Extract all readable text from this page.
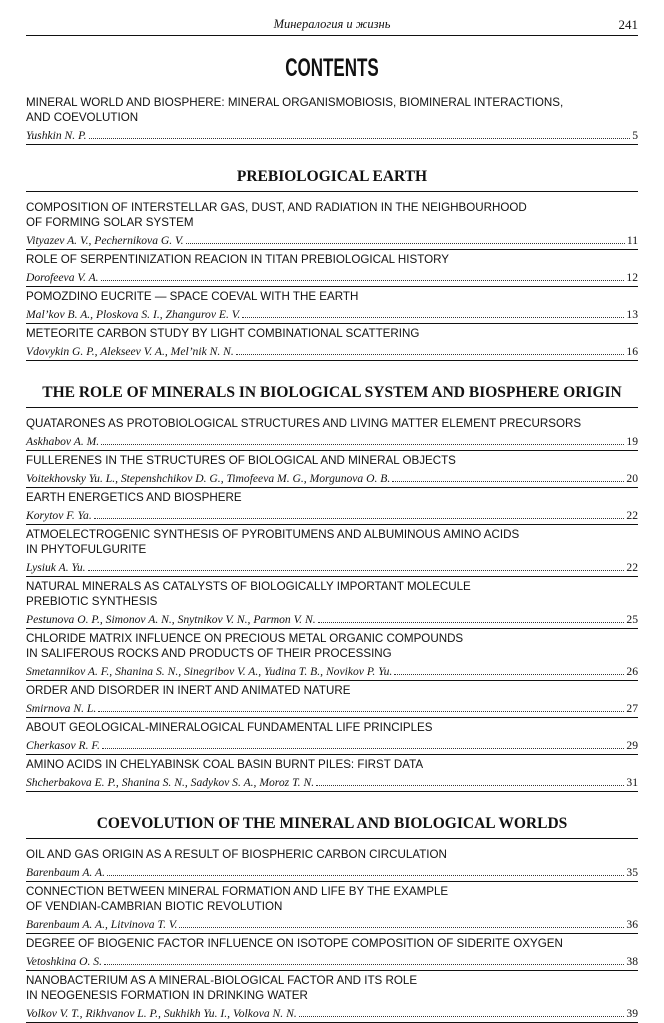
Минералогия и жизнь	241
CONTENTS
MINERAL WORLD AND BIOSPHERE: MINERAL ORGANISMOBIOSIS, BIOMINERAL INTERACTIONS,
AND COEVOLUTION
Yushkin N. P.	5
PREBIOLOGICAL EARTH
COMPOSITION OF INTERSTELLAR GAS, DUST, AND RADIATION IN THE NEIGHBOURHOOD
OF FORMING SOLAR SYSTEM
Vityazev A. V., Pechernikova G. V.	11
ROLE OF SERPENTINIZATION REACION IN TITAN PREBIOLOGICAL HISTORY
Dorofeeva V. A.	12
POMOZDINO EUCRITE — SPACE COEVAL WITH THE EARTH
Mal’kov B. A., Ploskova S. I., Zhangurov E. V.	13
METEORITE CARBON STUDY BY LIGHT COMBINATIONAL SCATTERING
Vdovykin G. P., Alekseev V. A., Mel’nik N. N.	16
THE ROLE OF MINERALS IN BIOLOGICAL SYSTEM AND BIOSPHERE ORIGIN
QUATARONES AS PROTOBIOLOGICAL STRUCTURES AND LIVING MATTER ELEMENT PRECURSORS
Askhabov A. M.	19
FULLERENES IN THE STRUCTURES OF BIOLOGICAL AND MINERAL OBJECTS
Voitekhovsky Yu. L., Stepenshchikov D. G., Timofeeva M. G., Morgunova O. B.	20
EARTH ENERGETICS AND BIOSPHERE
Korytov F. Ya.	22
ATMOELECTROGENIC SYNTHESIS OF PYROBITUMENS AND ALBUMINOUS AMINO ACIDS
IN PHYTOFULGURITE
Lysiuk A. Yu.	22
NATURAL MINERALS AS CATALYSTS OF BIOLOGICALLY IMPORTANT MOLECULE
PREBIOTIC SYNTHESIS
Pestunova O. P., Simonov A. N., Snytnikov V. N., Parmon V. N.	25
CHLORIDE MATRIX INFLUENCE ON PRECIOUS METAL ORGANIC COMPOUNDS
IN SALIFEROUS ROCKS AND PRODUCTS OF THEIR PROCESSING
Smetannikov A. F., Shanina S. N., Sinegribov V. A., Yudina T. B., Novikov P. Yu.	26
ORDER AND DISORDER IN INERT AND ANIMATED NATURE
Smirnova N. L.	27
ABOUT GEOLOGICAL-MINERALOGICAL FUNDAMENTAL LIFE PRINCIPLES
Cherkasov R. F.	29
AMINO ACIDS IN CHELYABINSK COAL BASIN BURNT PILES: FIRST DATA
Shcherbakova E. P., Shanina S. N., Sadykov S. A., Moroz T. N.	31
COEVOLUTION OF THE MINERAL AND BIOLOGICAL WORLDS
OIL AND GAS ORIGIN AS A RESULT OF BIOSPHERIC CARBON CIRCULATION
Barenbaum A. A.	35
CONNECTION BETWEEN MINERAL FORMATION AND LIFE BY THE EXAMPLE
OF VENDIAN-CAMBRIAN BIOTIC REVOLUTION
Barenbaum A. A., Litvinova T. V.	36
DEGREE OF BIOGENIC FACTOR INFLUENCE ON ISOTOPE COMPOSITION OF SIDERITE OXYGEN
Vetoshkina O. S.	38
NANOBACTERIUM AS A MINERAL-BIOLOGICAL FACTOR AND ITS ROLE
IN NEOGENESIS FORMATION IN DRINKING WATER
Volkov V. T., Rikhvanov L. P., Sukhikh Yu. I., Volkova N. N.	39
